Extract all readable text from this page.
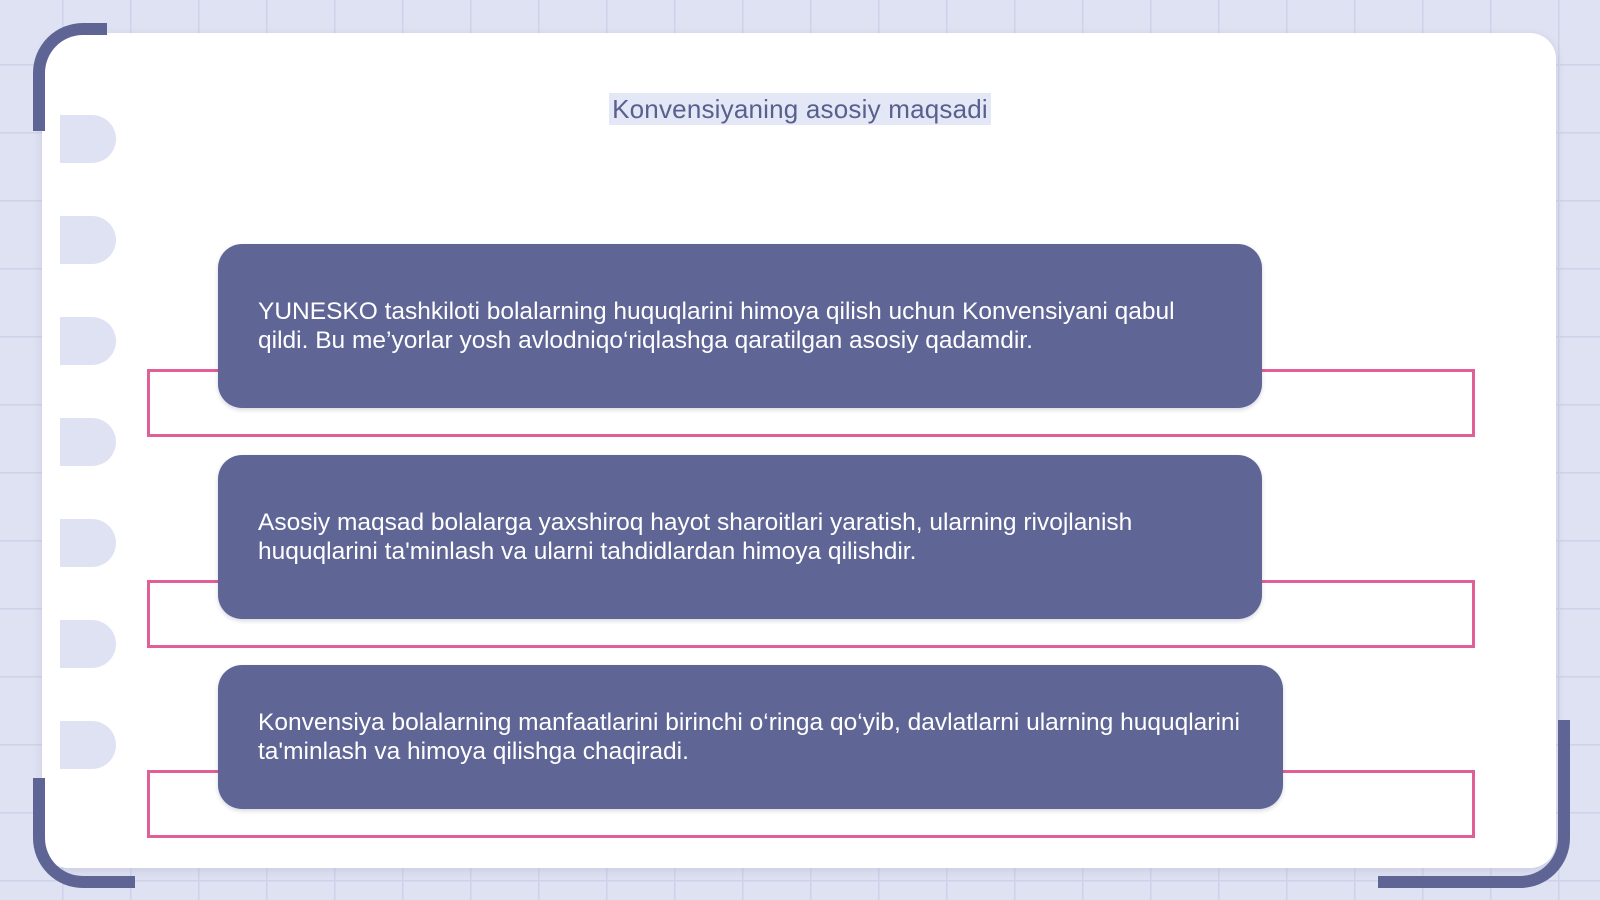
Konvensiyaning asosiy maqsadi
YUNESKO tashkiloti bolalarning huquqlarini himoya qilish uchun Konvensiyani qabul qildi. Bu me’yorlar yosh avlodniqo‘riqlashga qaratilgan asosiy qadamdir.
Asosiy maqsad bolalarga yaxshiroq hayot sharoitlari yaratish, ularning rivojlanish huquqlarini ta'minlash va ularni tahdidlardan himoya qilishdir.
Konvensiya bolalarning manfaatlarini birinchi o‘ringa qo‘yib, davlatlarni ularning huquqlarini ta'minlash va himoya qilishga chaqiradi.
